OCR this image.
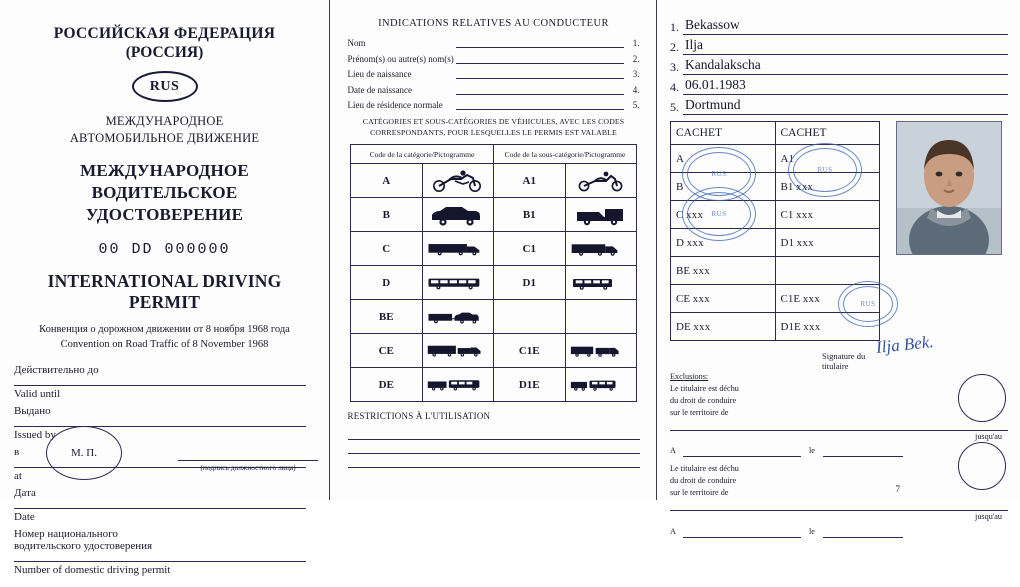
РОССИЙСКАЯ ФЕДЕРАЦИЯ
(РОССИЯ)
RUS
МЕЖДУНАРОДНОЕ
АВТОМОБИЛЬНОЕ ДВИЖЕНИЕ
МЕЖДУНАРОДНОЕ
ВОДИТЕЛЬСКОЕ УДОСТОВЕРЕНИЕ
00 DD 000000
INTERNATIONAL DRIVING PERMIT
Конвенция о дорожном движении от 8 ноября 1968 года
Convention on Road Traffic of 8 November 1968
Действительно до
Valid until
Выдано
Issued by
в
at
Дата
Date
Номер национального
водительского удостоверения
Number of domestic driving permit
М. П.
(подпись должностного лица)
INDICATIONS RELATIVES AU CONDUCTEUR
Nom	1.
Prénom(s) ou autre(s) nom(s)	2.
Lieu de naissance	3.
Date de naissance	4.
Lieu de résidence normale	5.
CATÉGORIES ET SOUS-CATÉGORIES DE VÉHICULES, AVEC LES CODES
CORRESPONDANTS, POUR LESQUELLES LE PERMIS EST VALABLE
Code de la catégorie/Pictogramme		Code de la sous-catégorie/Pictogramme	
A		A1	

B		B1	

C		C1	

D		D1	

BE	

CE		C1E	

DE		D1E	
RESTRICTIONS À L'UTILISATION
1. Bekassow
2. Ilja
3. Kandalakscha
4. 06.01.1983
5. Dortmund
CACHET	CACHET
A	A1
B	B1 xxx
C xxx	C1 xxx
D xxx	D1 xxx
BE xxx	
CE xxx	C1E xxx
DE xxx	D1E xxx
RUS
RUS
RUS
Signature du titulaire
Ilja Bek.
RUS
Exclusions:
Le titulaire est déchu
du droit de conduire
sur le territoire de
jusqu'au
A	le
Le titulaire est déchu
du droit de conduire
sur le territoire de
jusqu'au
A	le
7
